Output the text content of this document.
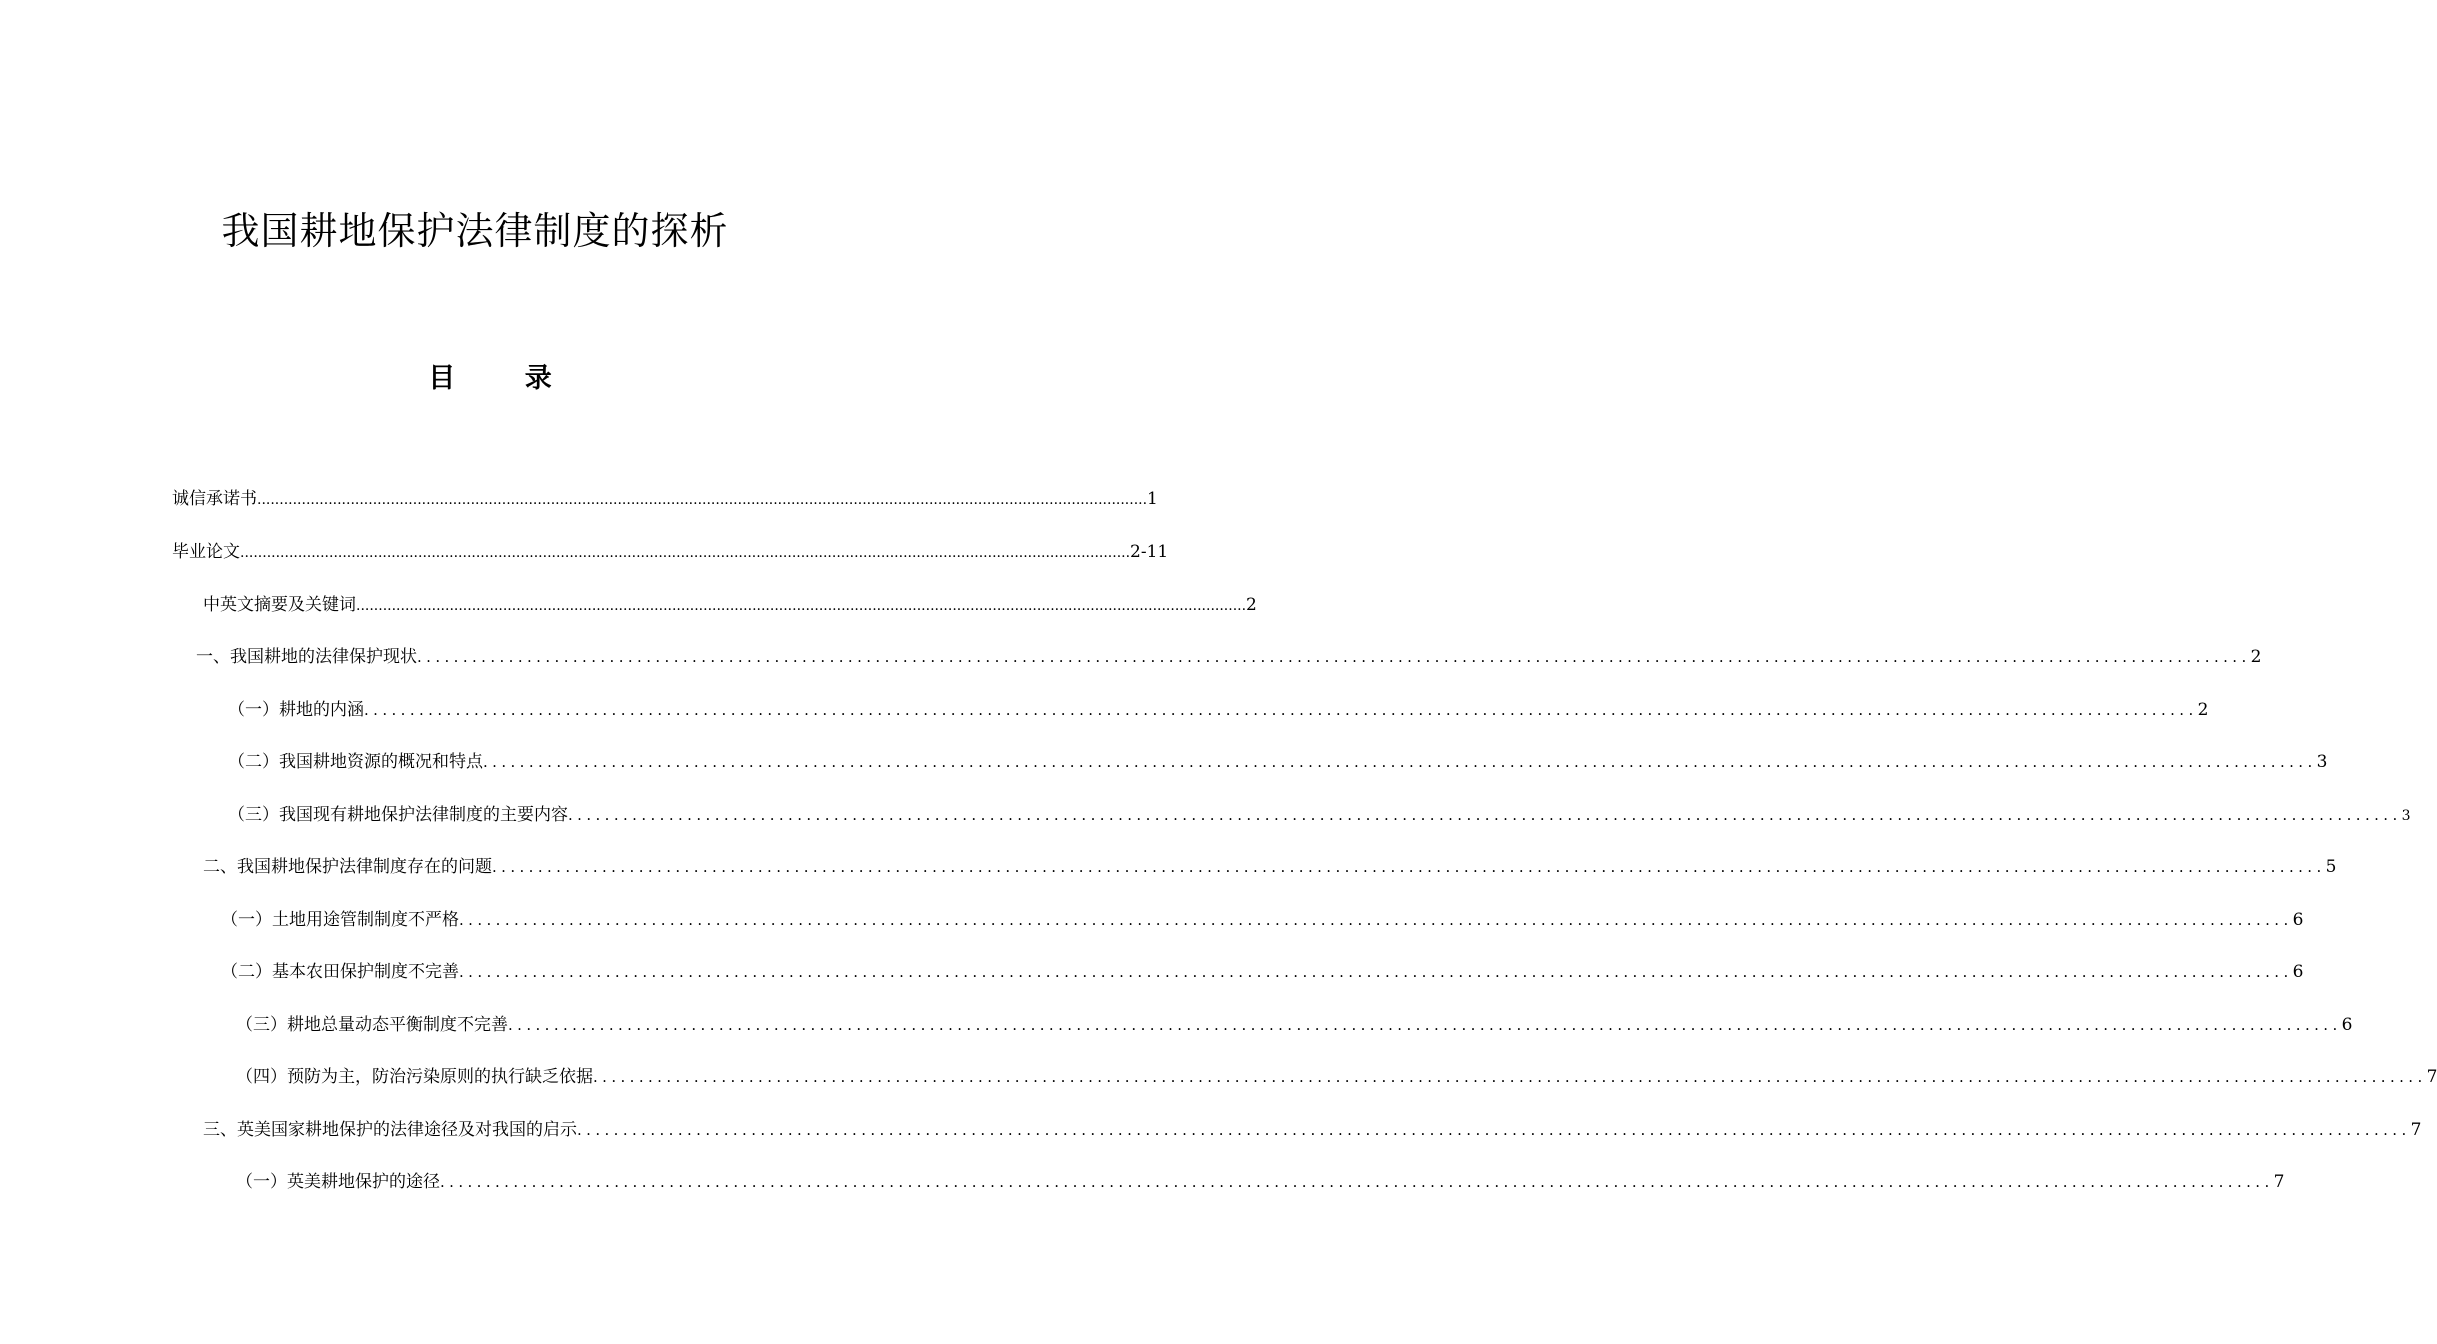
我国耕地保护法律制度的探析
目 录
诚信承诺书 ........................................................................................................................................................................................................ 1
毕业论文 ........................................................................................................................................................................................................ 2-11
中英文摘要及关键词 ........................................................................................................................................................................................................ 2
一、我国耕地的法律保护现状 ........................................................................................................................................................................................................ 2
（一）耕地的内涵 ........................................................................................................................................................................................................ 2
（二）我国耕地资源的概况和特点 ........................................................................................................................................................................................................ 3
（三）我国现有耕地保护法律制度的主要内容 ........................................................................................................................................................................................................ 3
二、我国耕地保护法律制度存在的问题 ........................................................................................................................................................................................................ 5
（一）土地用途管制制度不严格 ........................................................................................................................................................................................................ 6
（二）基本农田保护制度不完善 ........................................................................................................................................................................................................ 6
（三）耕地总量动态平衡制度不完善 ........................................................................................................................................................................................................ 6
（四）预防为主，防治污染原则的执行缺乏依据 ........................................................................................................................................................................................................ 7
三、英美国家耕地保护的法律途径及对我国的启示 ........................................................................................................................................................................................................ 7
（一）英美耕地保护的途径 ........................................................................................................................................................................................................ 7
